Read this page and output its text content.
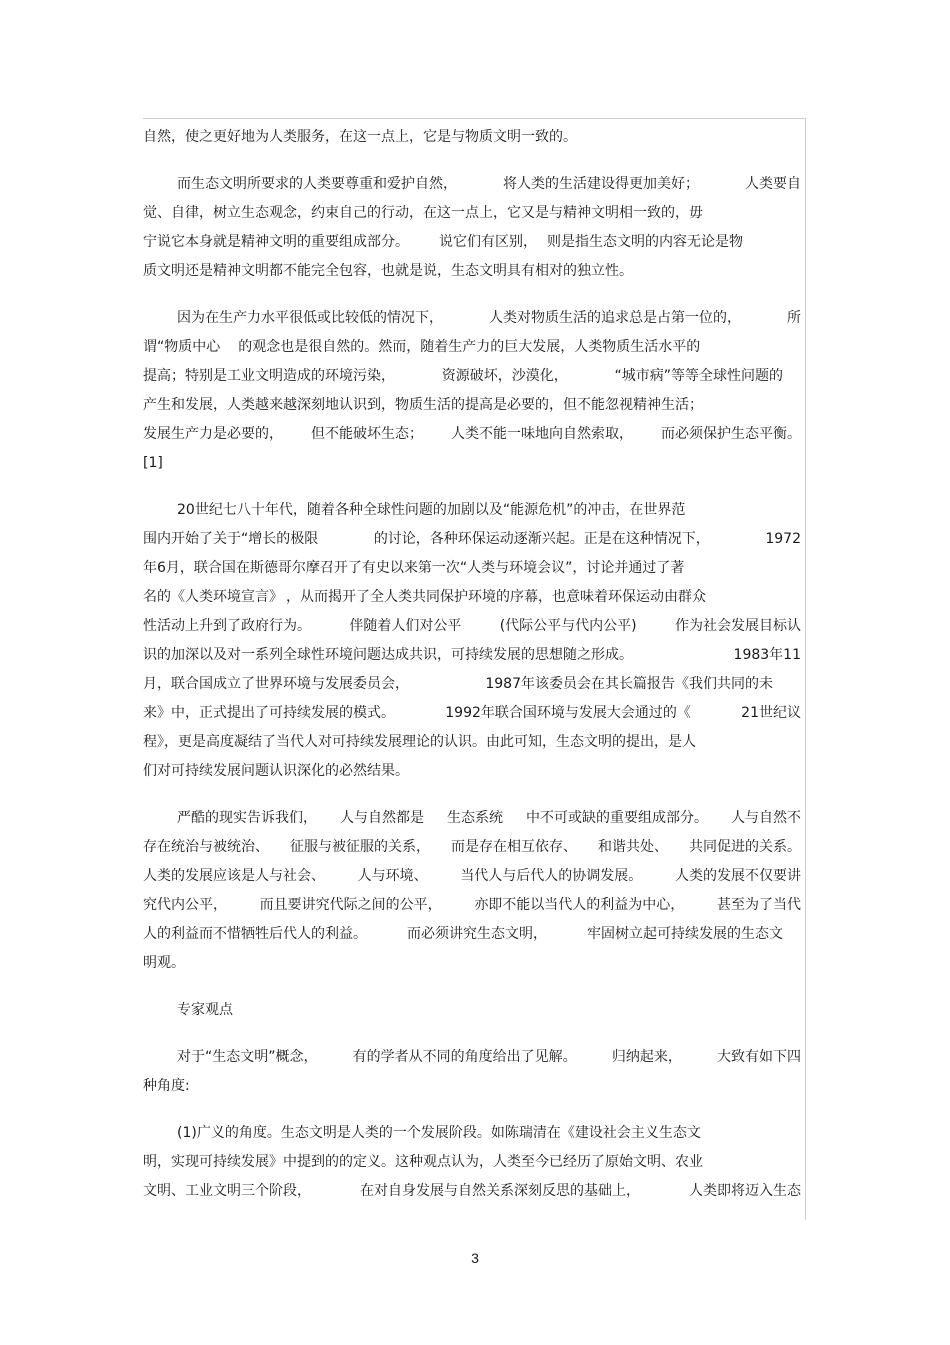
自然，使之更好地为人类服务，在这一点上，它是与物质文明一致的。
而生态文明所要求的人类要尊重和爱护自然，	将人类的生活建设得更加美好；	人类要自
觉、自律，树立生态观念，约束自己的行动，在这一点上，它又是与精神文明相一致的，毋
宁说它本身就是精神文明的重要组成部分。 说它们有区别， 则是指生态文明的内容无论是物
质文明还是精神文明都不能完全包容，也就是说，生态文明具有相对的独立性。
因为在生产力水平很低或比较低的情况下，	人类对物质生活的追求总是占第一位的，	所
谓“物质中心 的观念也是很自然的。然而，随着生产力的巨大发展，人类物质生活水平的
提高；特别是工业文明造成的环境污染，	资源破坏，沙漠化，	“城市病”等等全球性问题的
产生和发展，人类越来越深刻地认识到，物质生活的提高是必要的，但不能忽视精神生活；
发展生产力是必要的， 但不能破坏生态； 人类不能一味地向自然索取， 而必须保护生态平衡。
[1]
20世纪七八十年代，随着各种全球性问题的加剧以及“能源危机”的冲击，在世界范
围内开始了关于“增长的极限	的讨论，各种环保运动逐渐兴起。正是在这种情况下，	1972
年6月，联合国在斯德哥尔摩召开了有史以来第一次“人类与环境会议”，讨论并通过了著
名的《人类环境宣言》 ，从而揭开了全人类共同保护环境的序幕，也意味着环保运动由群众
性活动上升到了政府行为。	伴随着人们对公平	(代际公平与代内公平)	作为社会发展目标认
识的加深以及对一系列全球性环境问题达成共识，可持续发展的思想随之形成。	1983年11
月，联合国成立了世界环境与发展委员会，	1987年该委员会在其长篇报告《我们共同的未
来》中，正式提出了可持续发展的模式。	1992年联合国环境与发展大会通过的《	21世纪议
程》，更是高度凝结了当代人对可持续发展理论的认识。由此可知，生态文明的提出，是人
们对可持续发展问题认识深化的必然结果。
严酷的现实告诉我们， 人与自然都是 生态系统 中不可或缺的重要组成部分。 人与自然不
存在统治与被统治、 征服与被征服的关系， 而是存在相互依存、 和谐共处、 共同促进的关系。
人类的发展应该是人与社会、 人与环境、 当代人与后代人的协调发展。 人类的发展不仅要讲
究代内公平， 而且要讲究代际之间的公平， 亦即不能以当代人的利益为中心， 甚至为了当代
人的利益而不惜牺牲后代人的利益。	而必须讲究生态文明，	牢固树立起可持续发展的生态文
明观。
专家观点
对于“生态文明”概念，	有的学者从不同的角度给出了见解。	归纳起来，	大致有如下四
种角度:
(1)广义的角度。生态文明是人类的一个发展阶段。如陈瑞清在《建设社会主义生态文
明，实现可持续发展》中提到的的定义。这种观点认为，人类至今已经历了原始文明、农业
文明、工业文明三个阶段，	在对自身发展与自然关系深刻反思的基础上，	人类即将迈入生态
3
